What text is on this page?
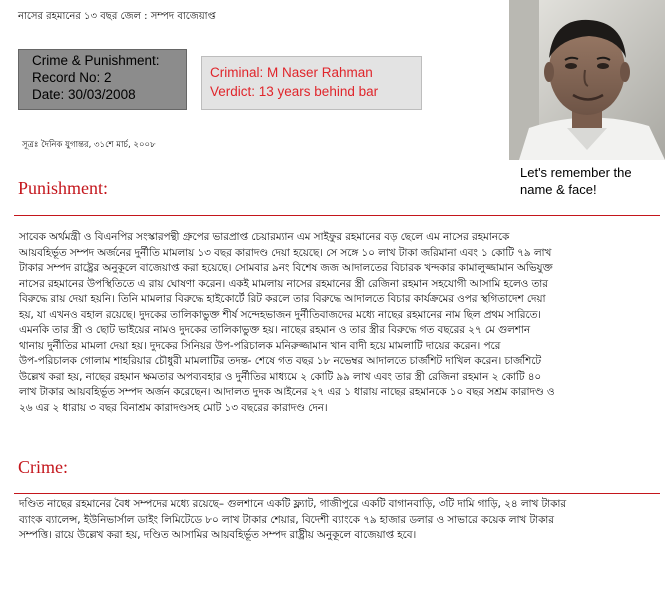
নাসের রহমানের ১৩ বছর জেল : সম্পদ বাজেয়াপ্ত
Crime & Punishment:
Record No: 2
Date: 30/03/2008
Criminal: M Naser Rahman
Verdict: 13 years behind bar
সূত্রঃ দৈনিক যুগান্তর, ৩১শে মার্চ, ২০০৮
Let's remember the name & face!
Punishment:
সাবেক অর্থমন্ত্রী ও বিএনপির সংস্কারপন্থী গ্রুপের ভারপ্রাপ্ত চেয়ারম্যান এম সাইফুর রহমানের বড় ছেলে এম নাসের রহমানকে
আয়বহির্ভূত সম্পদ অর্জনের দুর্নীতি মামলায় ১৩ বছর কারাদণ্ড দেয়া হয়েছে। সে সঙ্গে ১০ লাখ টাকা জরিমানা এবং ১ কোটি ৭৯ লাখ
টাকার সম্পদ রাষ্ট্রের অনুকূলে বাজেয়াপ্ত করা হয়েছে। সোমবার ৯নং বিশেষ জজ আদালতের বিচারক খন্দকার কামালুজ্জামান অভিযুক্ত
নাসের রহমানের উপস্থিতিতে এ রায় ঘোষণা করেন। একই মামলায় নাসের রহমানের স্ত্রী রেজিনা রহমান সহযোগী আসামি হলেও তার
বিরুদ্ধে রায় দেয়া হয়নি। তিনি মামলার বিরুদ্ধে হাইকোর্টে রিট করলে তার বিরুদ্ধে আদালতে বিচার কার্যক্রমের ওপর স্থগিতাদেশ দেয়া
হয়, যা এখনও বহাল রয়েছে। দুদকের তালিকাভুক্ত শীর্ষ সন্দেহভাজন দুর্নীতিবাজদের মধ্যে নাছের রহমানের নাম ছিল প্রথম সারিতে।
এমনকি তার স্ত্রী ও ছোট ভাইয়ের নামও দুদকের তালিকাভুক্ত হয়। নাছের রহমান ও তার স্ত্রীর বিরুদ্ধে গত বছরের ২৭ মে গুলশান
থানায় দুর্নীতির মামলা দেয়া হয়। দুদকের সিনিয়র উপ-পরিচালক মনিরুজ্জামান খান বাদী হয়ে মামলাটি দায়ের করেন। পরে
উপ-পরিচালক গোলাম শাহরিয়ার চৌধুরী মামলাটির তদন্ত- শেষে গত বছর ১৮ নভেম্বর আদালতে চার্জশিট দাখিল করেন। চার্জশিটে
উল্লেখ করা হয়, নাছের রহমান ক্ষমতার অপব্যবহার ও দুর্নীতির মাধ্যমে ২ কোটি ৯৯ লাখ এবং তার স্ত্রী রেজিনা রহমান ২ কোটি ৪০
লাখ টাকার আয়বহির্ভূত সম্পদ অর্জন করেছেন। আদালত দুদক আইনের ২৭ এর ১ ধারায় নাছের রহমানকে ১০ বছর সশ্রম কারাদণ্ড ও
২৬ এর ২ ধারায় ৩ বছর বিনাশ্রম কারাদণ্ডসহ মোট ১৩ বছরের কারাদণ্ড দেন।
Crime:
দণ্ডিত নাছের রহমানের বৈধ সম্পদের মধ্যে রয়েছে– গুলশানে একটি ফ্ল্যাট, গাজীপুরে একটি বাগানবাড়ি, ৩টি দামি গাড়ি, ২৪ লাখ টাকার
ব্যাংক ব্যালেন্স, ইউনিভার্সাল ডাইং লিমিটেডে ৮০ লাখ টাকার শেয়ার, বিদেশী ব্যাংকে ৭৯ হাজার ডলার ও সাভারে কয়েক লাখ টাকার
সম্পত্তি। রায়ে উল্লেখ করা হয়, দণ্ডিত আসামির আয়বহির্ভূত সম্পদ রাষ্ট্রীয় অনুকূলে বাজেয়াপ্ত হবে।
